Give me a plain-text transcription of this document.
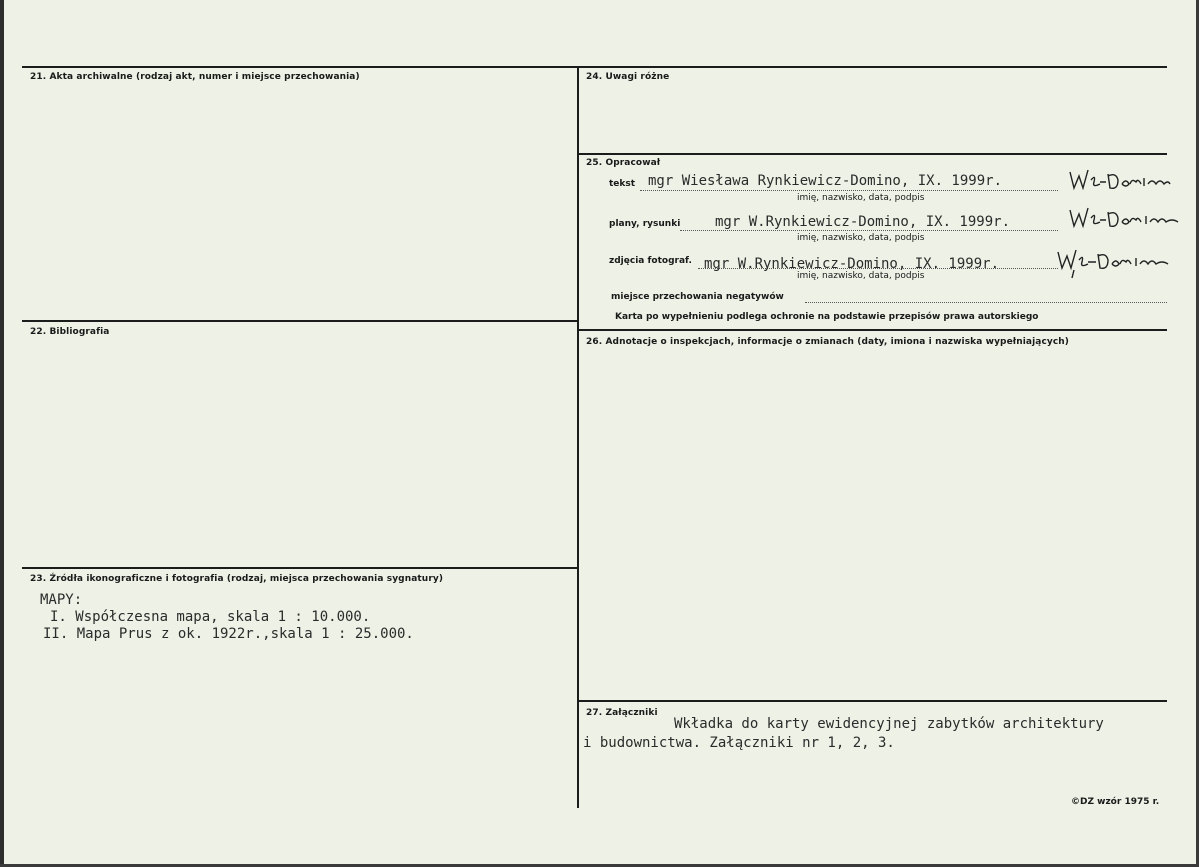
21. Akta archiwalne (rodzaj akt, numer i miejsce przechowania)
22. Bibliografia
23. Źródła ikonograficzne i fotografia (rodzaj, miejsca przechowania sygnatury)
MAPY:
I. Współczesna mapa, skala 1 : 10.000.
II. Mapa Prus z ok. 1922r.,skala 1 : 25.000.
24. Uwagi różne
25. Opracował
tekst mgr Wiesława Rynkiewicz-Domino, IX. 1999r.
imię, nazwisko, data, podpis
plany, rysunki mgr W.Rynkiewicz-Domino, IX. 1999r.
imię, nazwisko, data, podpis
zdjęcia fotograf. mgr W.Rynkiewicz-Domino, IX. 1999r.
imię, nazwisko, data, podpis
miejsce przechowania negatywów
Karta po wypełnieniu podlega ochronie na podstawie przepisów prawa autorskiego
26. Adnotacje o inspekcjach, informacje o zmianach (daty, imiona i nazwiska wypełniających)
27. Załączniki
Wkładka do karty ewidencyjnej zabytków architektury
i budownictwa. Załączniki nr 1, 2, 3.
©DZ wzór 1975 r.
